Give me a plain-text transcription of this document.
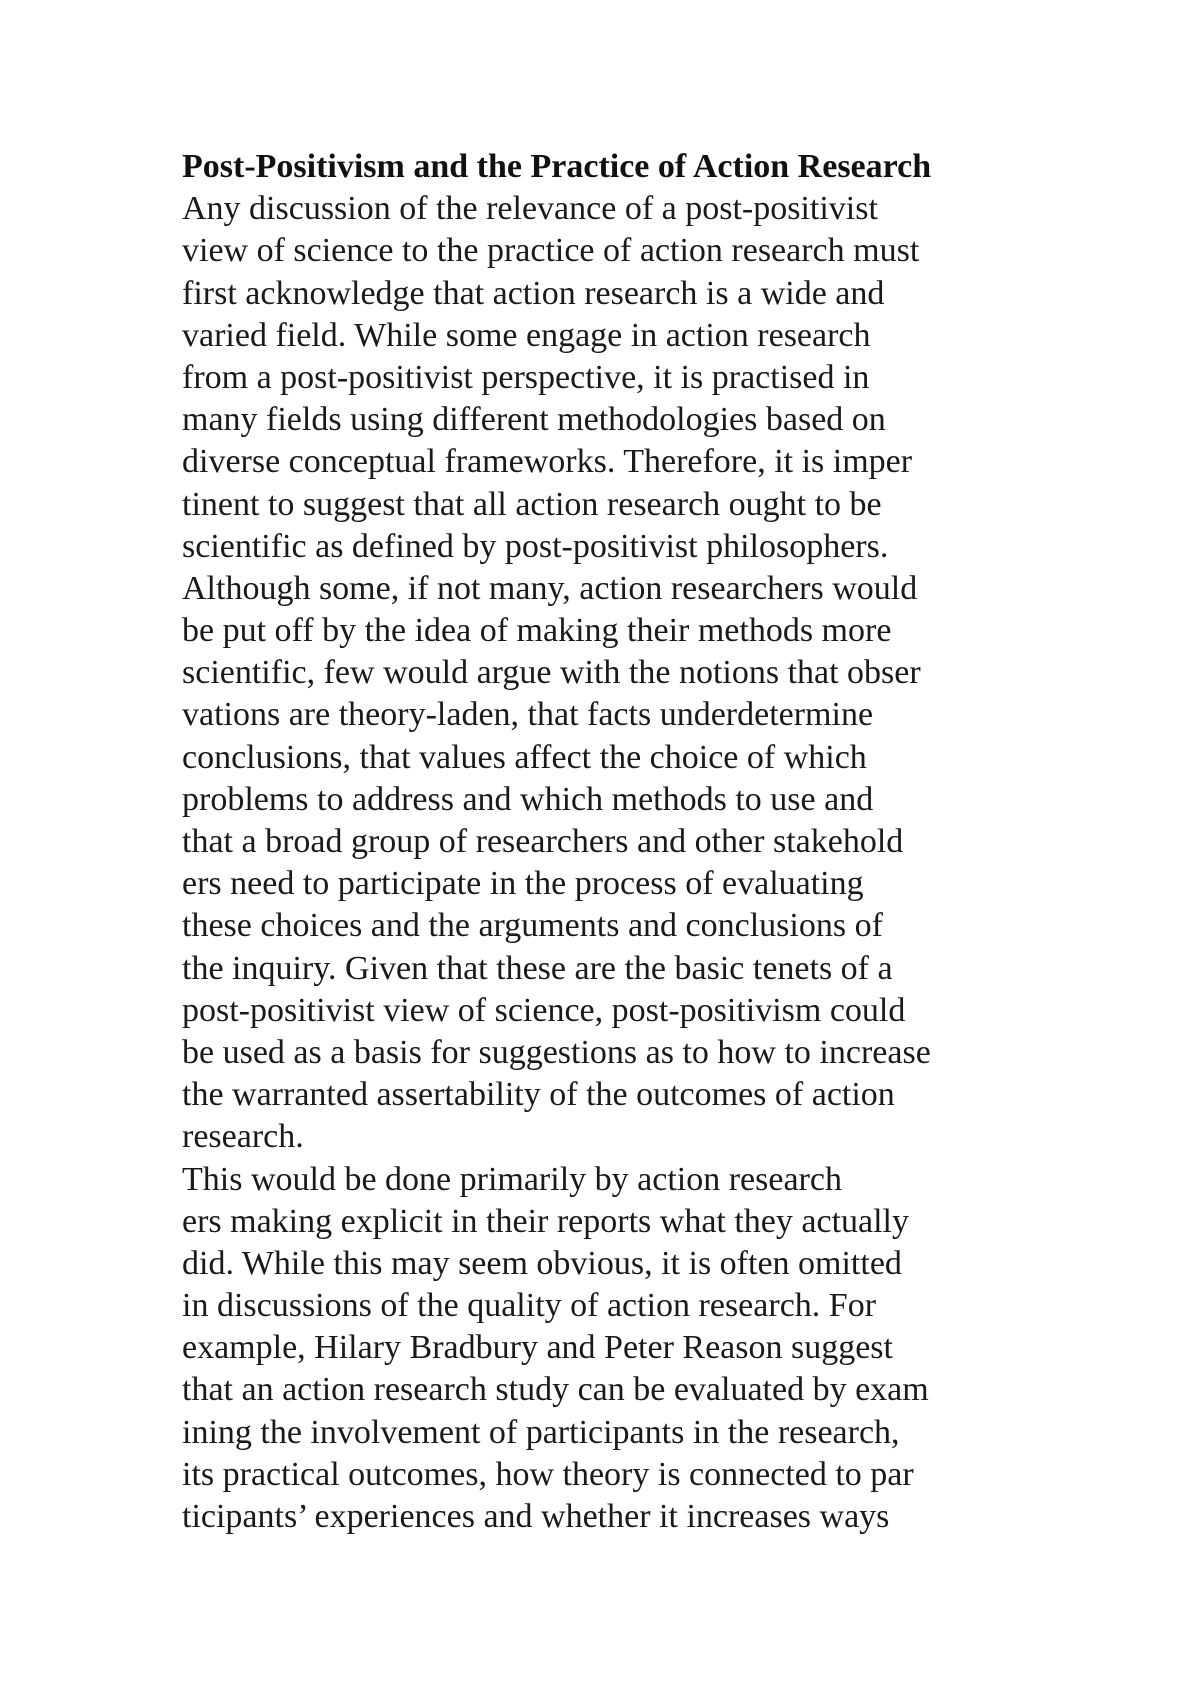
Post-Positivism and the Practice of Action Research
Any discussion of the relevance of a post-positivist
view of science to the practice of action research must
first acknowledge that action research is a wide and
varied field. While some engage in action research
from a post-positivist perspective, it is practised in
many fields using different methodologies based on
diverse conceptual frameworks. Therefore, it is imper
tinent to suggest that all action research ought to be
scientific as defined by post-positivist philosophers.
Although some, if not many, action researchers would
be put off by the idea of making their methods more
scientific, few would argue with the notions that obser
vations are theory-laden, that facts underdetermine
conclusions, that values affect the choice of which
problems to address and which methods to use and
that a broad group of researchers and other stakehold
ers need to participate in the process of evaluating
these choices and the arguments and conclusions of
the inquiry. Given that these are the basic tenets of a
post-positivist view of science, post-positivism could
be used as a basis for suggestions as to how to increase
the warranted assertability of the outcomes of action
research.
This would be done primarily by action research
ers making explicit in their reports what they actually
did. While this may seem obvious, it is often omitted
in discussions of the quality of action research. For
example, Hilary Bradbury and Peter Reason suggest
that an action research study can be evaluated by exam
ining the involvement of participants in the research,
its practical outcomes, how theory is connected to par
ticipants’ experiences and whether it increases ways
